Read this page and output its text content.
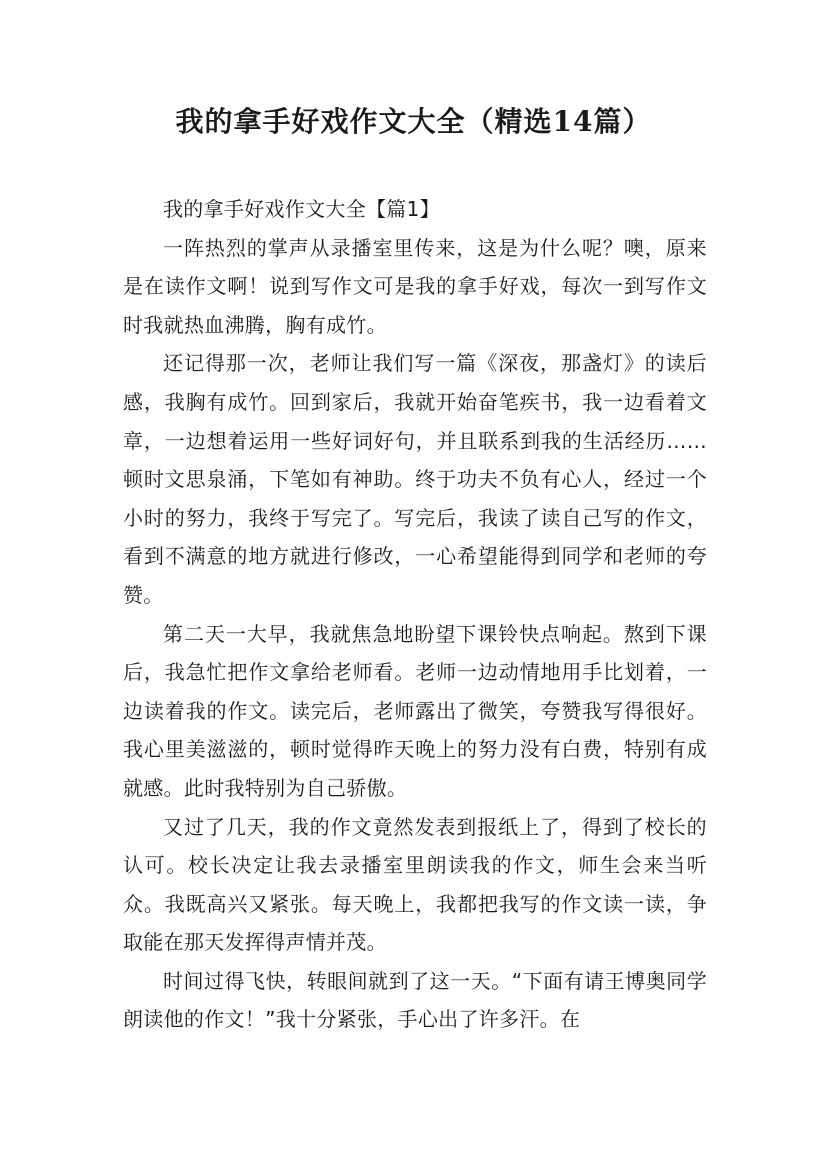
我的拿手好戏作文大全（精选14篇）

我的拿手好戏作文大全【篇1】

一阵热烈的掌声从录播室里传来，这是为什么呢？噢，原来是在读作文啊！说到写作文可是我的拿手好戏，每次一到写作文时我就热血沸腾，胸有成竹。

还记得那一次，老师让我们写一篇《深夜，那盏灯》的读后感，我胸有成竹。回到家后，我就开始奋笔疾书，我一边看着文章，一边想着运用一些好词好句，并且联系到我的生活经历……顿时文思泉涌，下笔如有神助。终于功夫不负有心人，经过一个小时的努力，我终于写完了。写完后，我读了读自己写的作文，看到不满意的地方就进行修改，一心希望能得到同学和老师的夸赞。

第二天一大早，我就焦急地盼望下课铃快点响起。熬到下课后，我急忙把作文拿给老师看。老师一边动情地用手比划着，一边读着我的作文。读完后，老师露出了微笑，夸赞我写得很好。我心里美滋滋的，顿时觉得昨天晚上的努力没有白费，特别有成就感。此时我特别为自己骄傲。

又过了几天，我的作文竟然发表到报纸上了，得到了校长的认可。校长决定让我去录播室里朗读我的作文，师生会来当听众。我既高兴又紧张。每天晚上，我都把我写的作文读一读，争取能在那天发挥得声情并茂。

时间过得飞快，转眼间就到了这一天。“下面有请王博奥同学朗读他的作文！”我十分紧张，手心出了许多汗。在
